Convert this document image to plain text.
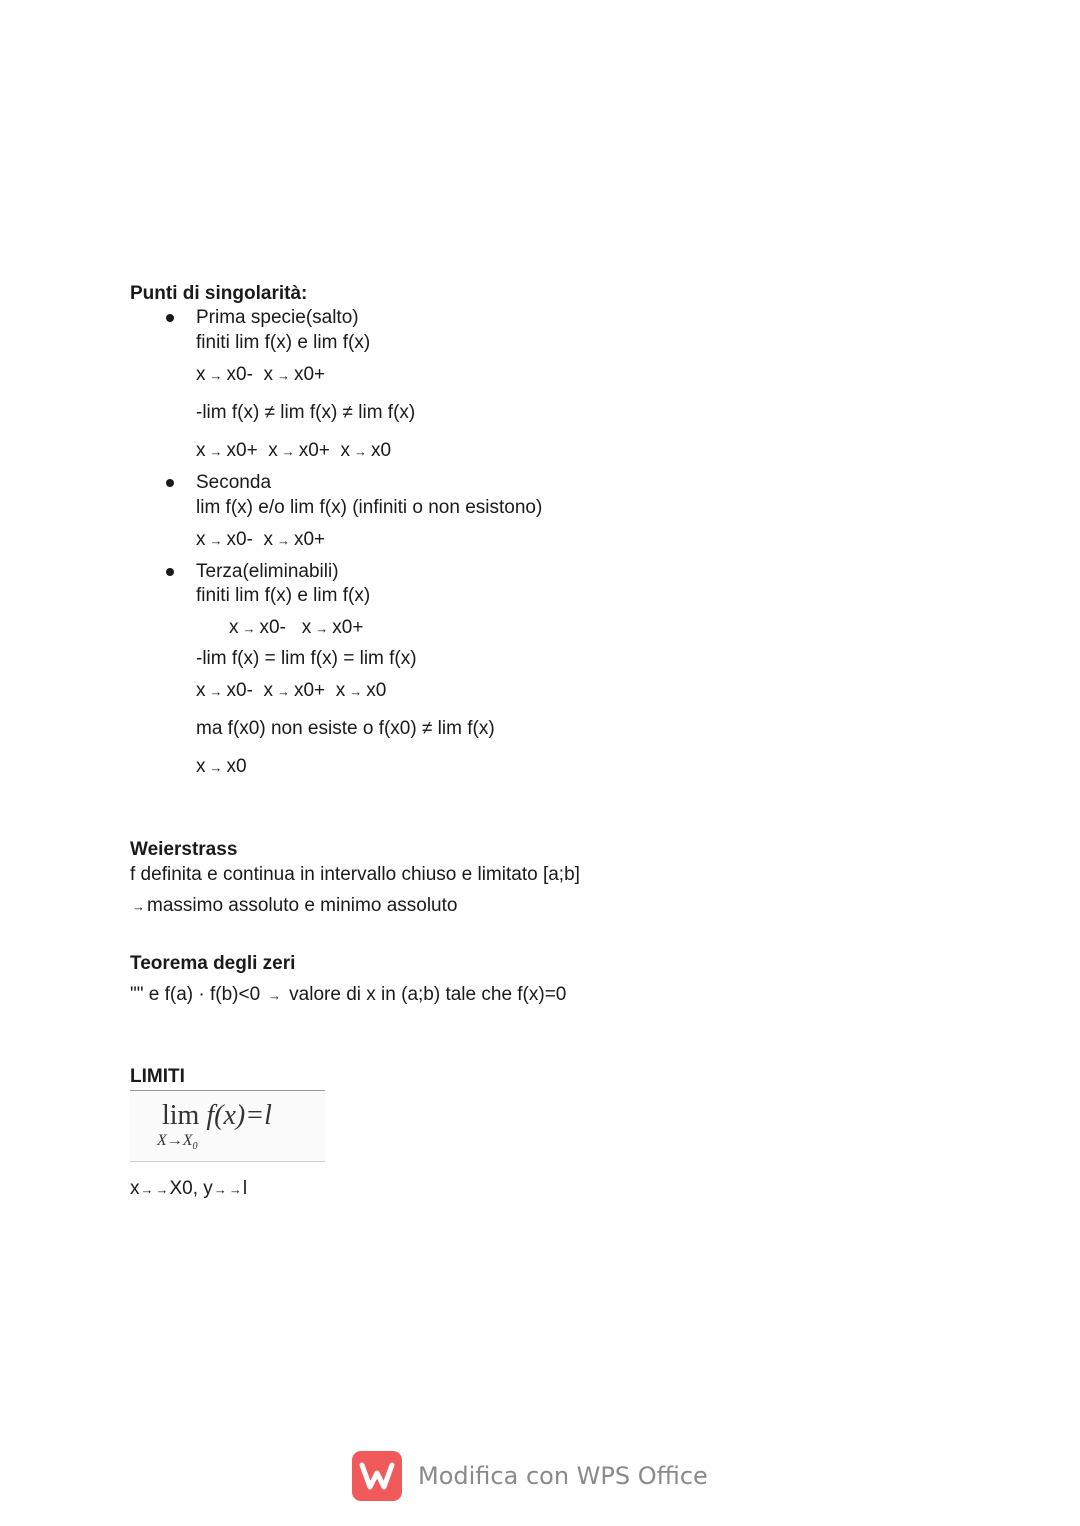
Punti di singolarità:
Prima specie(salto)
finiti lim f(x) e lim f(x)
x → x0- x → x0+
-lim f(x) ≠ lim f(x) ≠ lim f(x)
x → x0+ x → x0+ x → x0
Seconda
lim f(x) e/o lim f(x) (infiniti o non esistono)
x → x0- x → x0+
Terza(eliminabili)
finiti lim f(x) e lim f(x)
x → x0- x → x0+
-lim f(x) = lim f(x) = lim f(x)
x → x0- x → x0+ x → x0
ma f(x0) non esiste o f(x0) ≠ lim f(x)
x → x0
Weierstrass
f definita e continua in intervallo chiuso e limitato [a;b]
→ massimo assoluto e minimo assoluto
Teorema degli zeri
"" e f(a) · f(b)<0 → valore di x in (a;b) tale che f(x)=0
LIMITI
lim f(x)=l
$X\to X_0$
x→ →X0, y→ →l
Modifica con WPS Office
